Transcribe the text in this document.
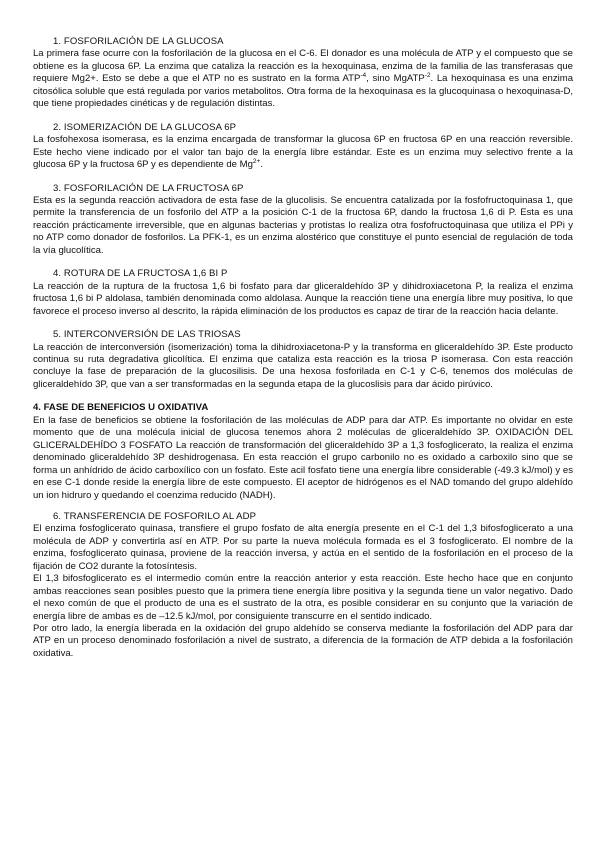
1. FOSFORILACIÓN DE LA GLUCOSA

La primera fase ocurre con la fosforilación de la glucosa en el C-6. El donador es una molécula de ATP y el compuesto que se obtiene es la glucosa 6P. La enzima que cataliza la reacción es la hexoquinasa, enzima de la familia de las transferasas que requiere Mg2+. Esto se debe a que el ATP no es sustrato en la forma $ATP^{-4}$, sino MgATP$^{-2}$. La hexoquinasa es una enzima citosólica soluble que está regulada por varios metabolitos. Otra forma de la hexoquinasa es la glucoquinasa o hexoquinasa-D, que tiene propiedades cinéticas y de regulación distintas.

2. ISOMERIZACIÓN DE LA GLUCOSA 6P

La fosfohexosa isomerasa, es la enzima encargada de transformar la glucosa 6P en fructosa 6P en una reacción reversible. Este hecho viene indicado por el valor tan bajo de la energía libre estándar. Este es un enzima muy selectivo frente a la glucosa 6P y la fructosa 6P y es dependiente de $Mg^{2+}$.

3. FOSFORILACIÓN DE LA FRUCTOSA 6P

Esta es la segunda reacción activadora de esta fase de la glucolisis. Se encuentra catalizada por la fosfofructoquinasa 1, que permite la transferencia de un fosforilo del ATP a la posición C-1 de la fructosa 6P, dando la fructosa 1,6 di P. Esta es una reacción prácticamente irreversible, que en algunas bacterias y protistas lo realiza otra fosfofructoquinasa que utiliza el PPi y no ATP como donador de fosforilos. La PFK-1, es un enzima alostérico que constituye el punto esencial de regulación de toda la vía glucolítica.

4. ROTURA DE LA FRUCTOSA 1,6 BI P

La reacción de la ruptura de la fructosa 1,6 bi fosfato para dar gliceraldehído 3P y dihidroxiacetona P, la realiza el enzima fructosa 1,6 bi P aldolasa, también denominada como aldolasa. Aunque la reacción tiene una energía libre muy positiva, lo que favorece el proceso inverso al descrito, la rápida eliminación de los productos es capaz de tirar de la reacción hacia delante.

5. INTERCONVERSIÓN DE LAS TRIOSAS

La reacción de interconversión (isomerización) toma la dihidroxiacetona-P y la transforma en gliceraldehído 3P. Este producto continua su ruta degradativa glicolítica. El enzima que cataliza esta reacción es la triosa P isomerasa. Con esta reacción concluye la fase de preparación de la glucosilisis. De una hexosa fosforilada en C-1 y C-6, tenemos dos moléculas de gliceraldehído 3P, que van a ser transformadas en la segunda etapa de la glucoslisis para dar ácido pirúvico.

4. FASE DE BENEFICIOS U OXIDATIVA

En la fase de beneficios se obtiene la fosforilación de las moléculas de ADP para dar ATP. Es importante no olvidar en este momento que de una molécula inicial de glucosa tenemos ahora 2 moléculas de gliceraldehído 3P. OXIDACIÓN DEL GLICERALDEHÍDO 3 FOSFATO La reacción de transformación del gliceraldehído 3P a 1,3 fosfoglicerato, la realiza el enzima denominado gliceraldehído 3P deshidrogenasa. En esta reacción el grupo carbonilo no es oxidado a carboxilo sino que se forma un anhídrido de ácido carboxílico con un fosfato. Este acil fosfato tiene una energía libre considerable (-49.3 kJ/mol) y es en ese C-1 donde reside la energía libre de este compuesto. El aceptor de hidrógenos es el NAD tomando del grupo aldehído un ion hidruro y quedando el coenzima reducido (NADH).

6. TRANSFERENCIA DE FOSFORILO AL ADP

El enzima fosfoglicerato quinasa, transfiere el grupo fosfato de alta energía presente en el C-1 del 1,3 bifosfoglicerato a una molécula de ADP y convertirla así en ATP. Por su parte la nueva molécula formada es el 3 fosfoglicerato. El nombre de la enzima, fosfoglicerato quinasa, proviene de la reacción inversa, y actúa en el sentido de la fosforilación en el proceso de la fijación de CO2 durante la fotosíntesis.

El 1,3 bifosfoglicerato es el intermedio común entre la reacción anterior y esta reacción. Este hecho hace que en conjunto ambas reacciones sean posibles puesto que la primera tiene energía libre positiva y la segunda tiene un valor negativo. Dado el nexo común de que el producto de una es el sustrato de la otra, es posible considerar en su conjunto que la variación de energía libre de ambas es de –12.5 kJ/mol, por consiguiente transcurre en el sentido indicado.

Por otro lado, la energía liberada en la oxidación del grupo aldehído se conserva mediante la fosforilación del ADP para dar ATP en un proceso denominado fosforilación a nivel de sustrato, a diferencia de la formación de ATP debida a la fosforilación oxidativa.
